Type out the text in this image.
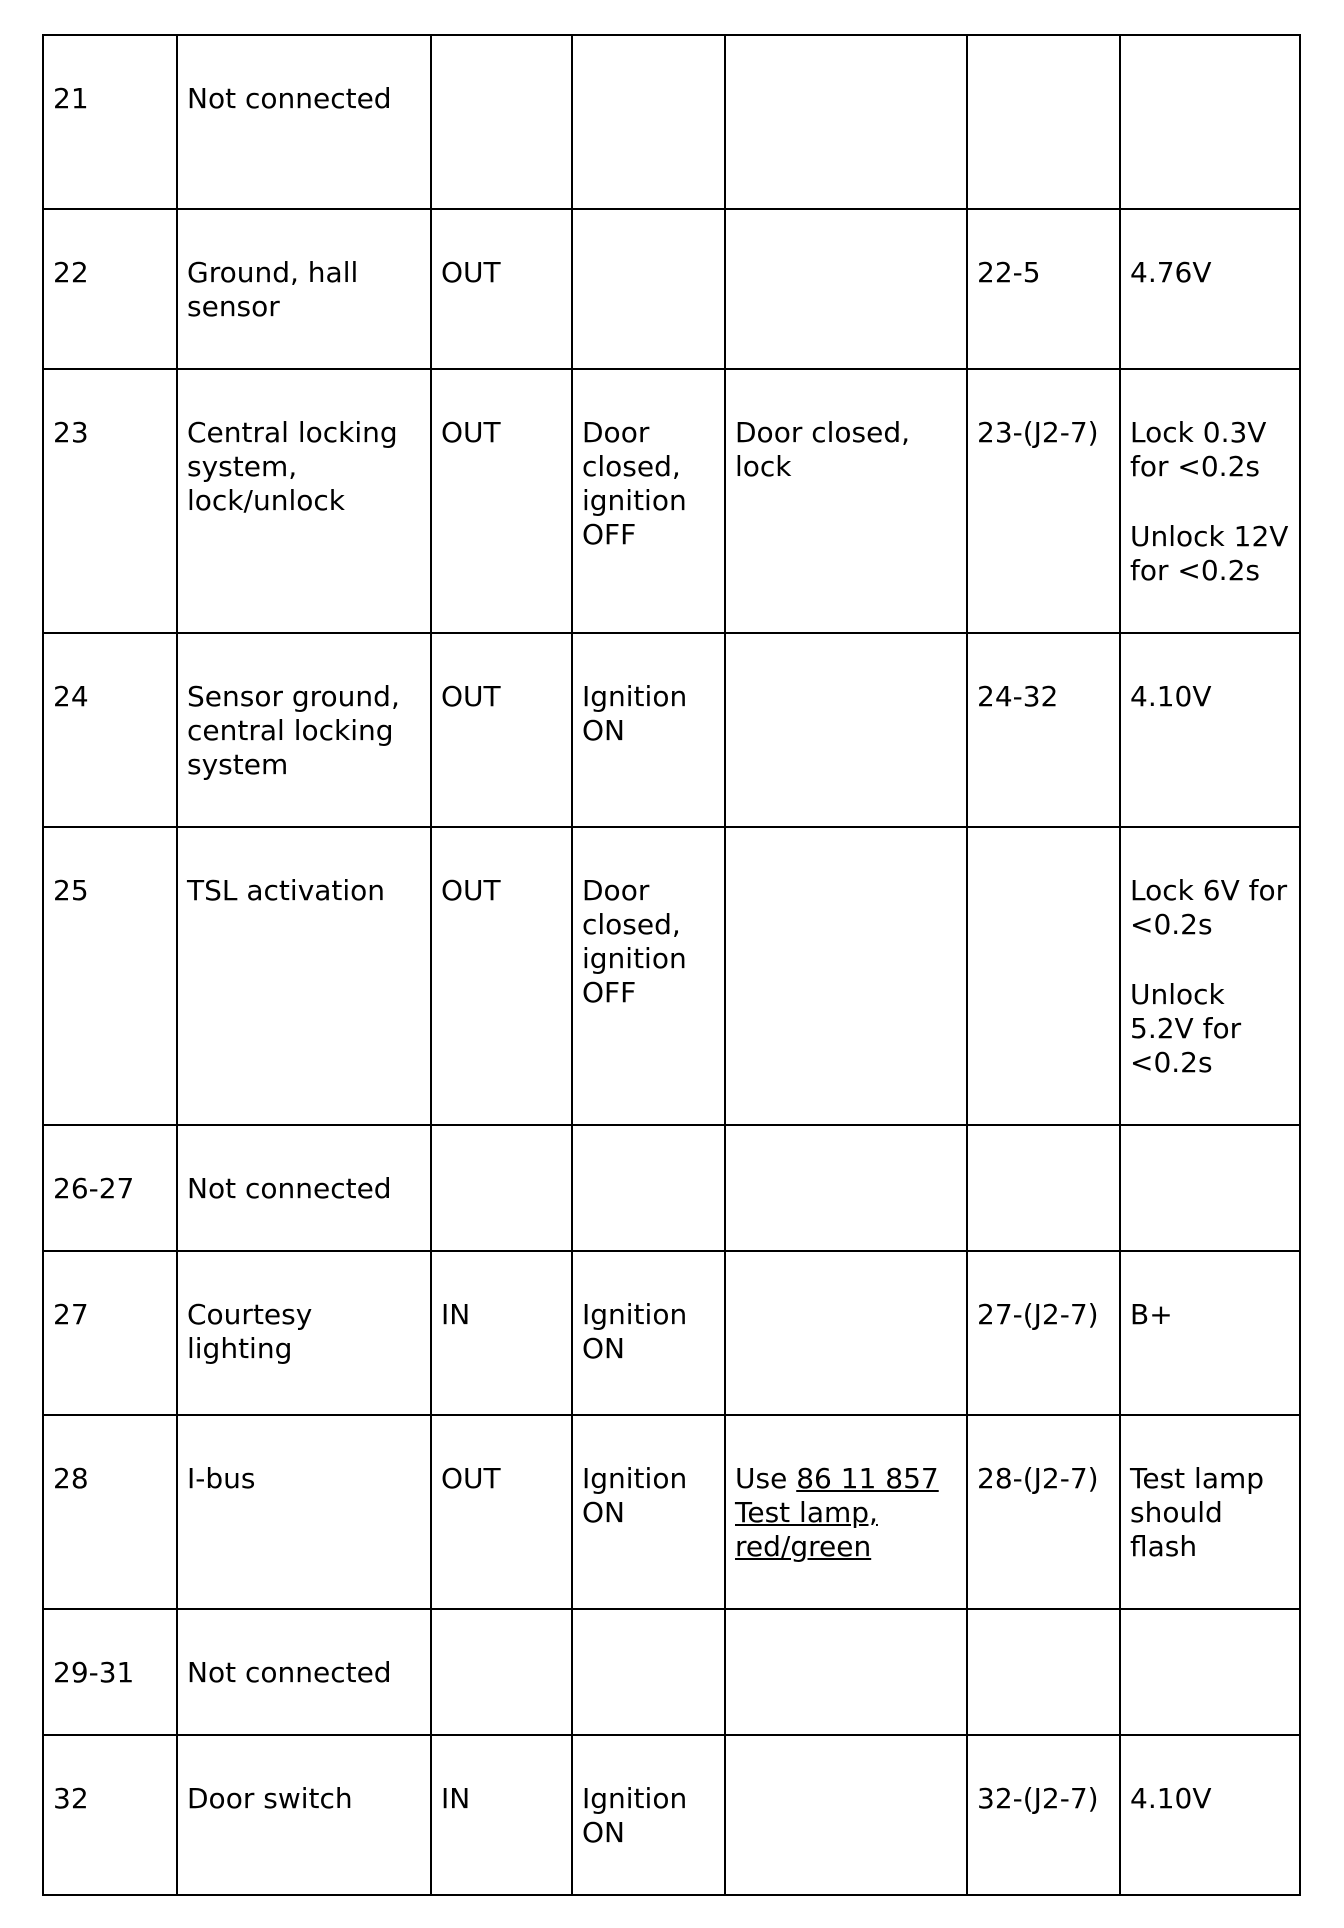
21	Not connected					

22	Ground, hall
sensor	OUT			22-5	4.76V

23	Central locking
system,
lock/unlock	OUT	Door
closed,
ignition
OFF	Door closed,
lock	23-(J2-7)	Lock 0.3V
for <0.2s
Unlock 12V
for <0.2s

24	Sensor ground,
central locking
system	OUT	Ignition
ON		24-32	4.10V

25	TSL activation	OUT	Door
closed,
ignition
OFF			Lock 6V for
<0.2s
Unlock
5.2V for
<0.2s

26-27	Not connected					

27	Courtesy
lighting	IN	Ignition
ON		27-(J2-7)	B+

28	I-bus	OUT	Ignition
ON	Use 86 11 857
Test lamp,
red/green	28-(J2-7)	Test lamp
should
flash

29-31	Not connected					

32	Door switch	IN	Ignition
ON		32-(J2-7)	4.10V
